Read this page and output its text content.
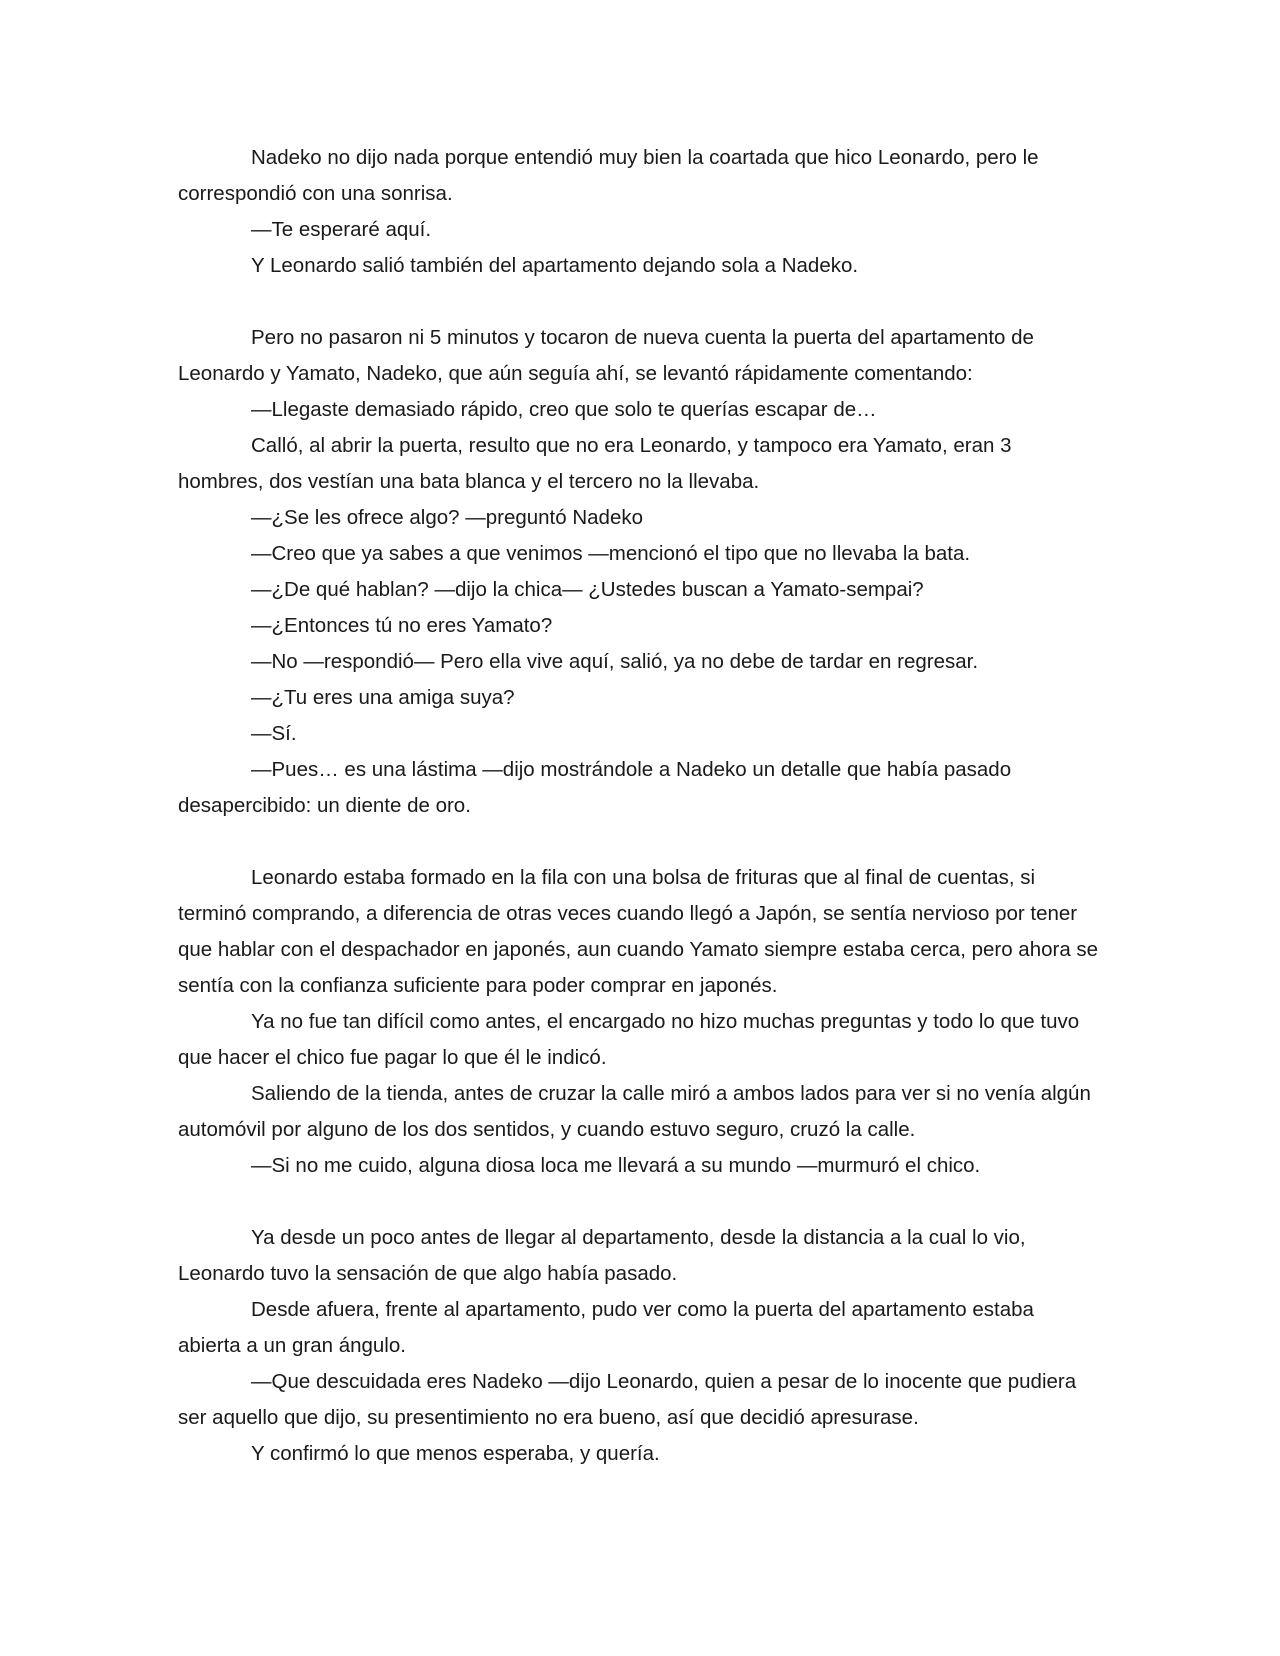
Nadeko no dijo nada porque entendió muy bien la coartada que hico Leonardo, pero le correspondió con una sonrisa.

—Te esperaré aquí.

Y Leonardo salió también del apartamento dejando sola a Nadeko.

Pero no pasaron ni 5 minutos y tocaron de nueva cuenta la puerta del apartamento de Leonardo y Yamato, Nadeko, que aún seguía ahí, se levantó rápidamente comentando:

—Llegaste demasiado rápido, creo que solo te querías escapar de…

Calló, al abrir la puerta, resulto que no era Leonardo, y tampoco era Yamato, eran 3 hombres, dos vestían una bata blanca y el tercero no la llevaba.

—¿Se les ofrece algo? —preguntó Nadeko

—Creo que ya sabes a que venimos —mencionó el tipo que no llevaba la bata.

—¿De qué hablan? —dijo la chica— ¿Ustedes buscan a Yamato-sempai?

—¿Entonces tú no eres Yamato?

—No —respondió— Pero ella vive aquí, salió, ya no debe de tardar en regresar.

—¿Tu eres una amiga suya?

—Sí.

—Pues… es una lástima —dijo mostrándole a Nadeko un detalle que había pasado desapercibido: un diente de oro.

Leonardo estaba formado en la fila con una bolsa de frituras que al final de cuentas, si terminó comprando, a diferencia de otras veces cuando llegó a Japón, se sentía nervioso por tener que hablar con el despachador en japonés, aun cuando Yamato siempre estaba cerca, pero ahora se sentía con la confianza suficiente para poder comprar en japonés.

Ya no fue tan difícil como antes, el encargado no hizo muchas preguntas y todo lo que tuvo que hacer el chico fue pagar lo que él le indicó.

Saliendo de la tienda, antes de cruzar la calle miró a ambos lados para ver si no venía algún automóvil por alguno de los dos sentidos, y cuando estuvo seguro, cruzó la calle.

—Si no me cuido, alguna diosa loca me llevará a su mundo —murmuró el chico.

Ya desde un poco antes de llegar al departamento, desde la distancia a la cual lo vio, Leonardo tuvo la sensación de que algo había pasado.

Desde afuera, frente al apartamento, pudo ver como la puerta del apartamento estaba abierta a un gran ángulo.

—Que descuidada eres Nadeko —dijo Leonardo, quien a pesar de lo inocente que pudiera ser aquello que dijo, su presentimiento no era bueno, así que decidió apresurase.

Y confirmó lo que menos esperaba, y quería.
